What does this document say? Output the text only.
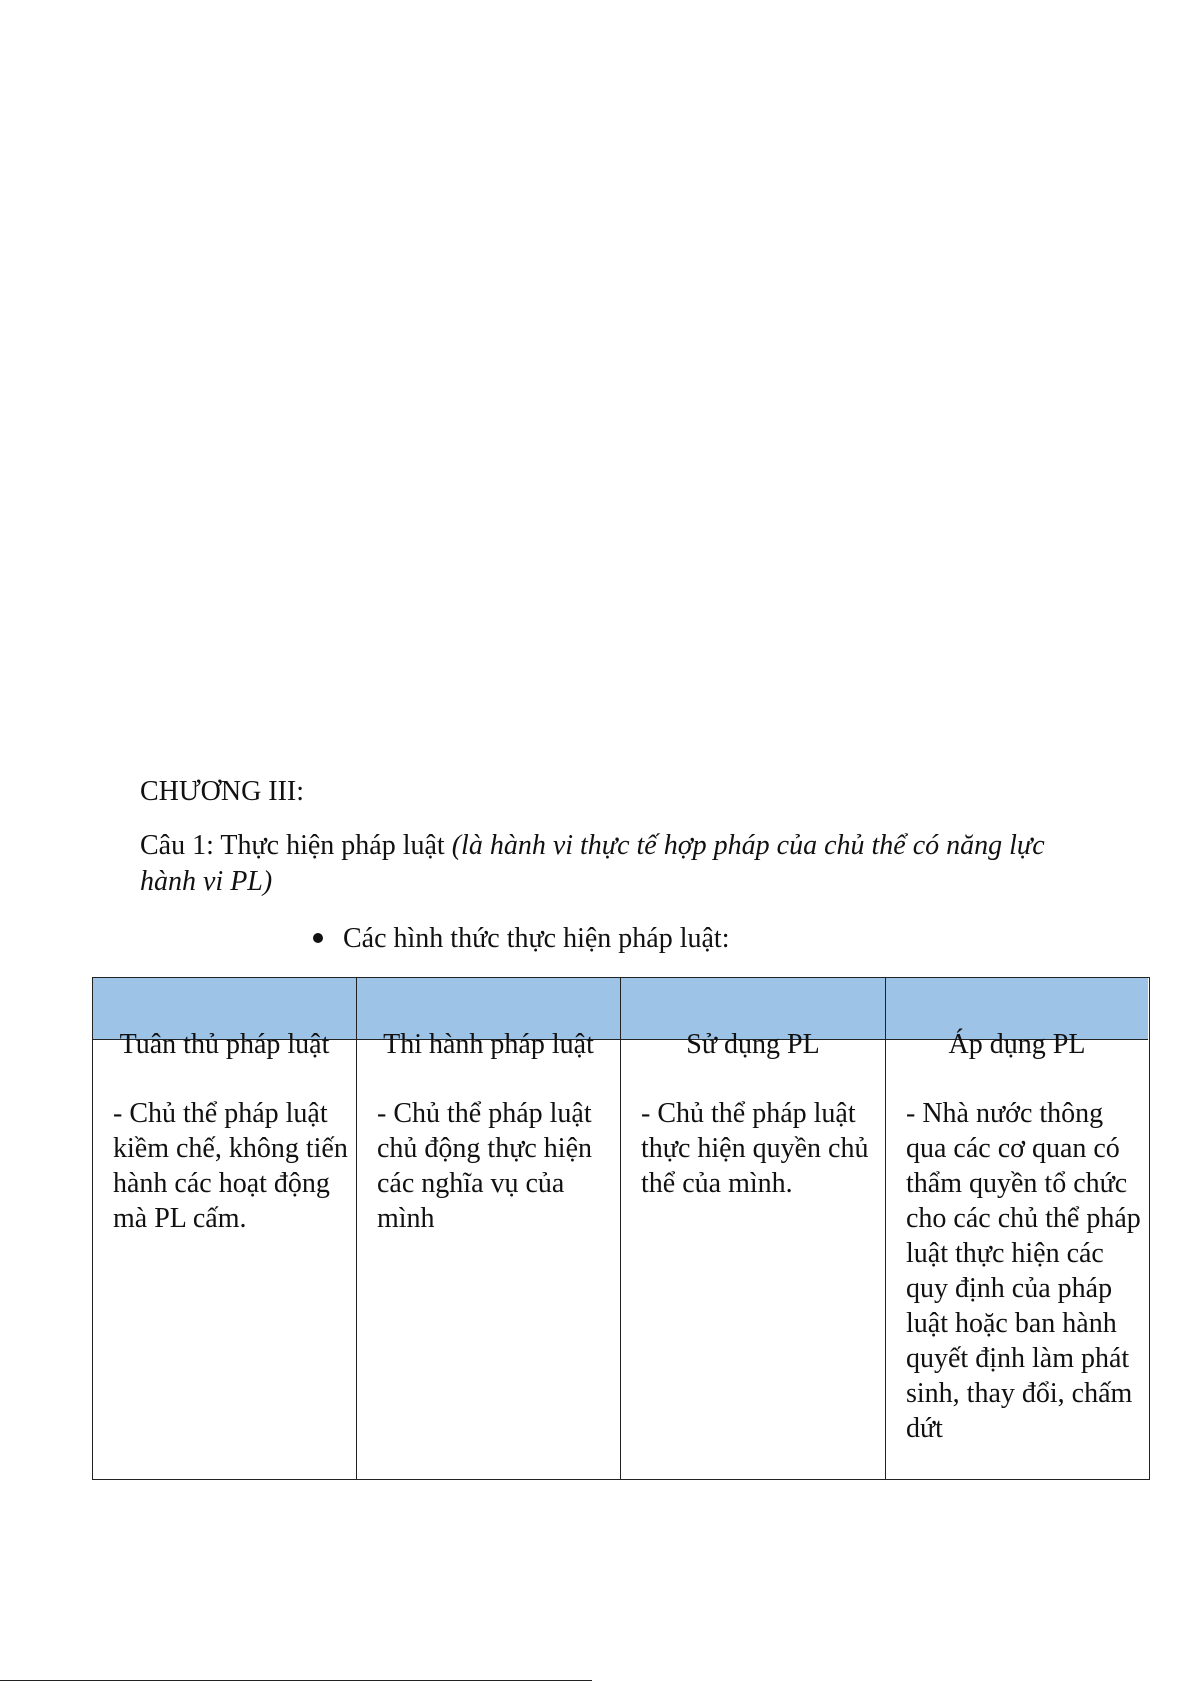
CHƯƠNG III:
Câu 1: Thực hiện pháp luật (là hành vi thực tế hợp pháp của chủ thể có năng lực hành vi PL)
Các hình thức thực hiện pháp luật:
Tuân thủ pháp luật
- Chủ thể pháp luật kiềm chế, không tiến hành các hoạt động mà PL cấm.
Thi hành pháp luật
- Chủ thể pháp luật chủ động thực hiện các nghĩa vụ của mình
Sử dụng PL
- Chủ thể pháp luật thực hiện quyền chủ thể của mình.
Áp dụng PL
- Nhà nước thông qua các cơ quan có thẩm quyền tổ chức cho các chủ thể pháp luật thực hiện các quy định của pháp luật hoặc ban hành quyết định làm phát sinh, thay đổi, chấm dứt
